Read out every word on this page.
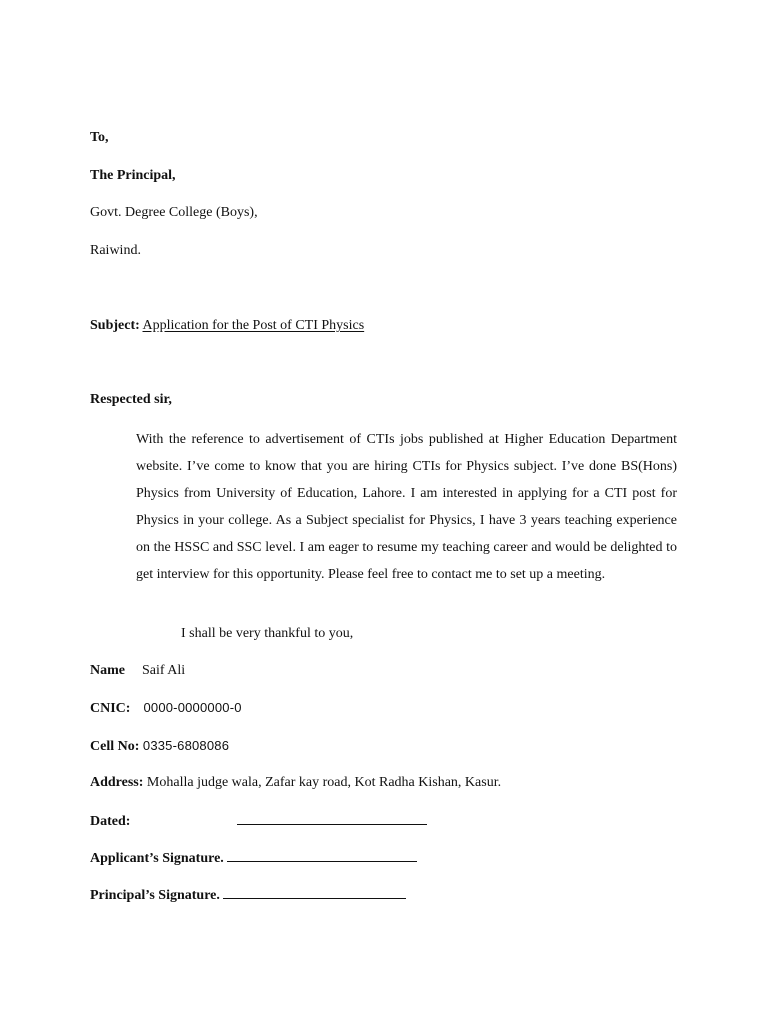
To,
The Principal,
Govt. Degree College (Boys),
Raiwind.
Subject: Application for the Post of CTI Physics
Respected sir,
With the reference to advertisement of CTIs jobs published at Higher Education Department website. I’ve come to know that you are hiring CTIs for Physics subject. I’ve done BS(Hons) Physics from University of Education, Lahore. I am interested in applying for a CTI post for Physics in your college. As a Subject specialist for Physics, I have 3 years teaching experience on the HSSC and SSC level. I am eager to resume my teaching career and would be delighted to get interview for this opportunity. Please feel free to contact me to set up a meeting.
I shall be very thankful to you,
Name Saif Ali
CNIC: 0000-0000000-0
Cell No: 0335-6808086
Address: Mohalla judge wala, Zafar kay road, Kot Radha Kishan, Kasur.
Dated:
Applicant’s Signature.
Principal’s Signature.
